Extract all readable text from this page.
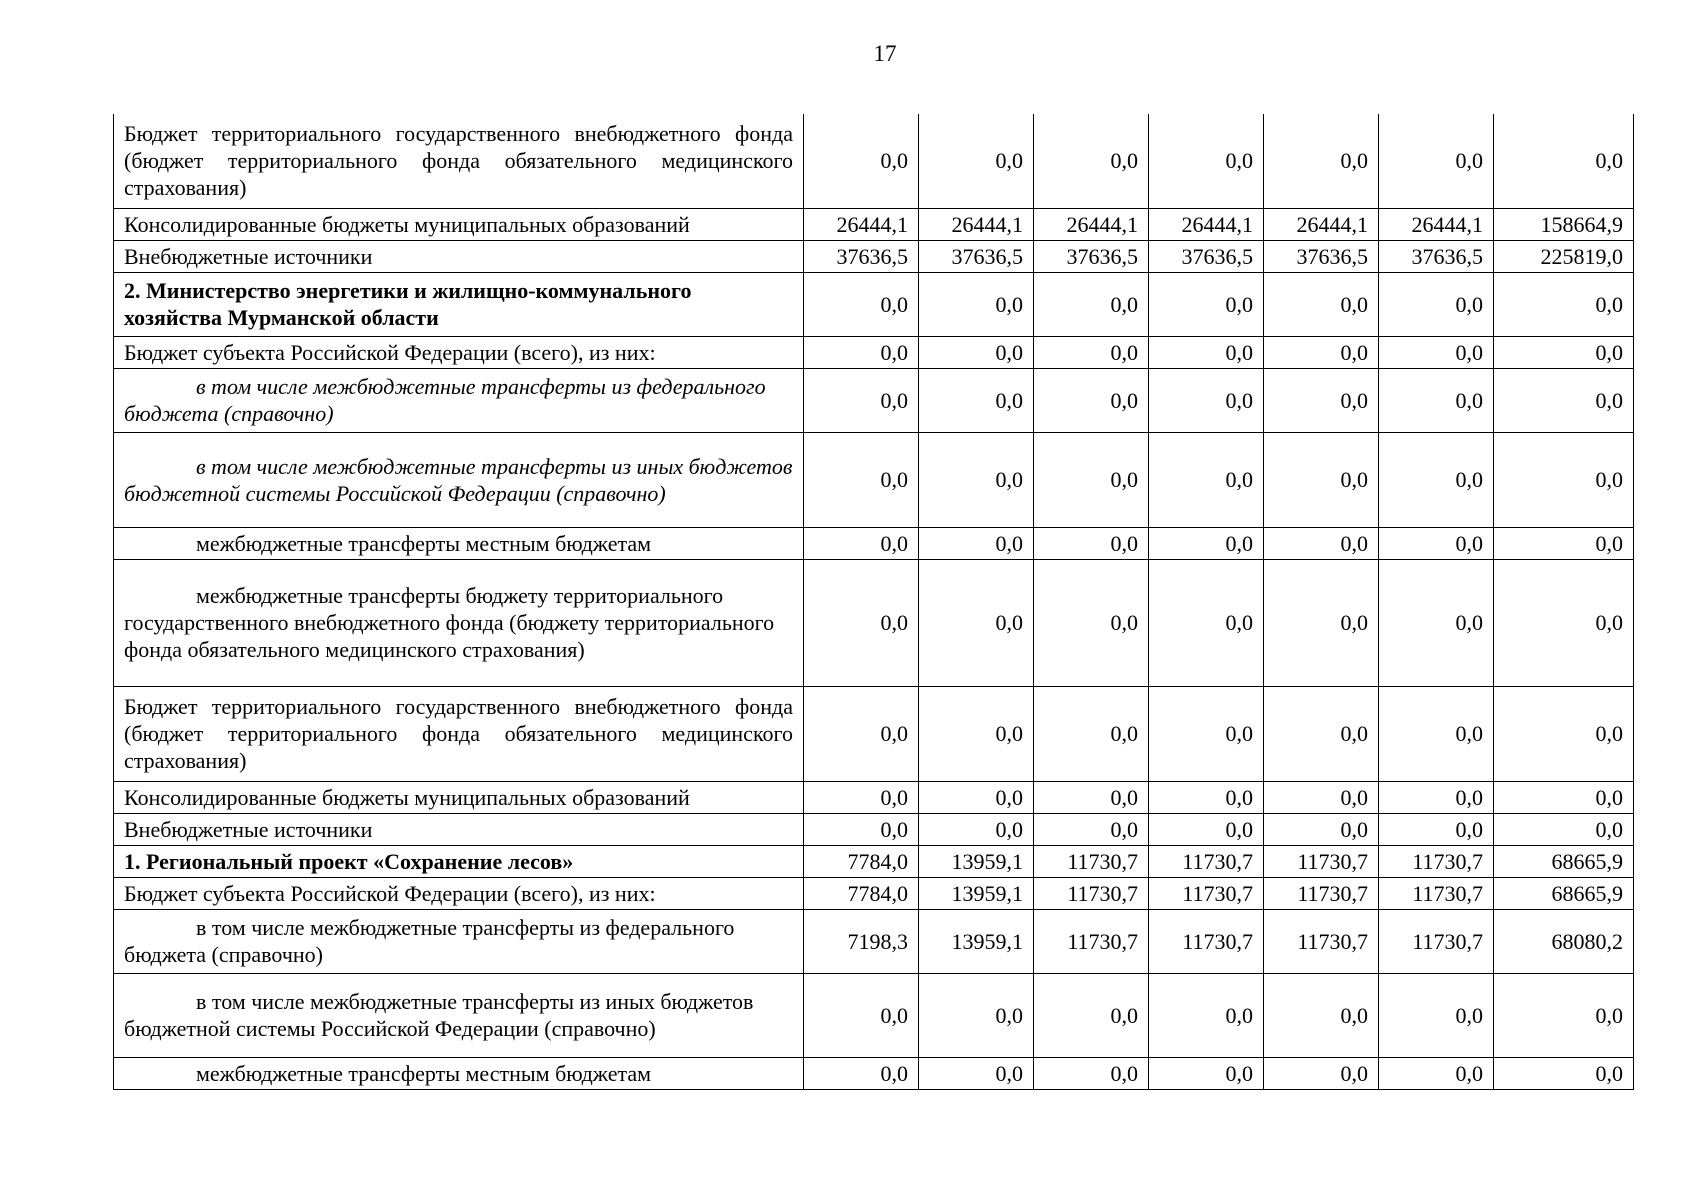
17
Бюджет территориального государственного внебюджетного фонда (бюджет территориального фонда обязательного медицинского страхования)	0,0	0,0	0,0	0,0	0,0	0,0	0,0
Консолидированные бюджеты муниципальных образований	26444,1	26444,1	26444,1	26444,1	26444,1	26444,1	158664,9
Внебюджетные источники	37636,5	37636,5	37636,5	37636,5	37636,5	37636,5	225819,0
2. Министерство энергетики и жилищно-коммунального хозяйства Мурманской области	0,0	0,0	0,0	0,0	0,0	0,0	0,0
Бюджет субъекта Российской Федерации (всего), из них:	0,0	0,0	0,0	0,0	0,0	0,0	0,0
в том числе межбюджетные трансферты из федерального бюджета (справочно)	0,0	0,0	0,0	0,0	0,0	0,0	0,0
в том числе межбюджетные трансферты из иных бюджетов бюджетной системы Российской Федерации (справочно)	0,0	0,0	0,0	0,0	0,0	0,0	0,0
межбюджетные трансферты местным бюджетам	0,0	0,0	0,0	0,0	0,0	0,0	0,0
межбюджетные трансферты бюджету территориального государственного внебюджетного фонда (бюджету территориального фонда обязательного медицинского страхования)	0,0	0,0	0,0	0,0	0,0	0,0	0,0
Бюджет территориального государственного внебюджетного фонда (бюджет территориального фонда обязательного медицинского страхования)	0,0	0,0	0,0	0,0	0,0	0,0	0,0
Консолидированные бюджеты муниципальных образований	0,0	0,0	0,0	0,0	0,0	0,0	0,0
Внебюджетные источники	0,0	0,0	0,0	0,0	0,0	0,0	0,0
1. Региональный проект «Сохранение лесов»	7784,0	13959,1	11730,7	11730,7	11730,7	11730,7	68665,9
Бюджет субъекта Российской Федерации (всего), из них:	7784,0	13959,1	11730,7	11730,7	11730,7	11730,7	68665,9
в том числе межбюджетные трансферты из федерального бюджета (справочно)	7198,3	13959,1	11730,7	11730,7	11730,7	11730,7	68080,2
в том числе межбюджетные трансферты из иных бюджетов бюджетной системы Российской Федерации (справочно)	0,0	0,0	0,0	0,0	0,0	0,0	0,0
межбюджетные трансферты местным бюджетам	0,0	0,0	0,0	0,0	0,0	0,0	0,0
